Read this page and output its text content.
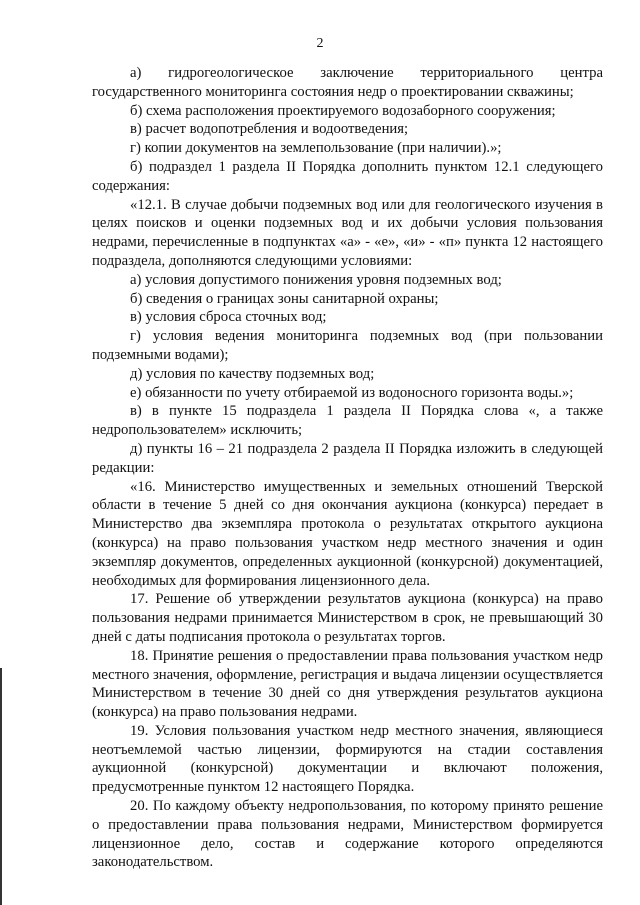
2

а) гидрогеологическое заключение территориального центра государственного мониторинга состояния недр о проектировании скважины;

б) схема расположения проектируемого водозаборного сооружения;

в) расчет водопотребления и водоотведения;

г) копии документов на землепользование (при наличии).»;

б) подраздел 1 раздела II Порядка дополнить пунктом 12.1 следующего содержания:

«12.1. В случае добычи подземных вод или для геологического изучения в целях поисков и оценки подземных вод и их добычи условия пользования недрами, перечисленные в подпунктах «а» - «е», «и» - «п» пункта 12 настоящего подраздела, дополняются следующими условиями:

а) условия допустимого понижения уровня подземных вод;

б) сведения о границах зоны санитарной охраны;

в) условия сброса сточных вод;

г) условия ведения мониторинга подземных вод (при пользовании подземными водами);

д) условия по качеству подземных вод;

е) обязанности по учету отбираемой из водоносного горизонта воды.»;

в) в пункте 15 подраздела 1 раздела II Порядка слова «, а также недропользователем» исключить;

д) пункты 16 – 21 подраздела 2 раздела II Порядка изложить в следующей редакции:

«16. Министерство имущественных и земельных отношений Тверской области в течение 5 дней со дня окончания аукциона (конкурса) передает в Министерство два экземпляра протокола о результатах открытого аукциона (конкурса) на право пользования участком недр местного значения и один экземпляр документов, определенных аукционной (конкурсной) документацией, необходимых для формирования лицензионного дела.

17. Решение об утверждении результатов аукциона (конкурса) на право пользования недрами принимается Министерством в срок, не превышающий 30 дней с даты подписания протокола о результатах торгов.

18. Принятие решения о предоставлении права пользования участком недр местного значения, оформление, регистрация и выдача лицензии осуществляется Министерством в течение 30 дней со дня утверждения результатов аукциона (конкурса) на право пользования недрами.

19. Условия пользования участком недр местного значения, являющиеся неотъемлемой частью лицензии, формируются на стадии составления аукционной (конкурсной) документации и включают положения, предусмотренные пунктом 12 настоящего Порядка.

20. По каждому объекту недропользования, по которому принято решение о предоставлении права пользования недрами, Министерством формируется лицензионное дело, состав и содержание которого определяются законодательством.
